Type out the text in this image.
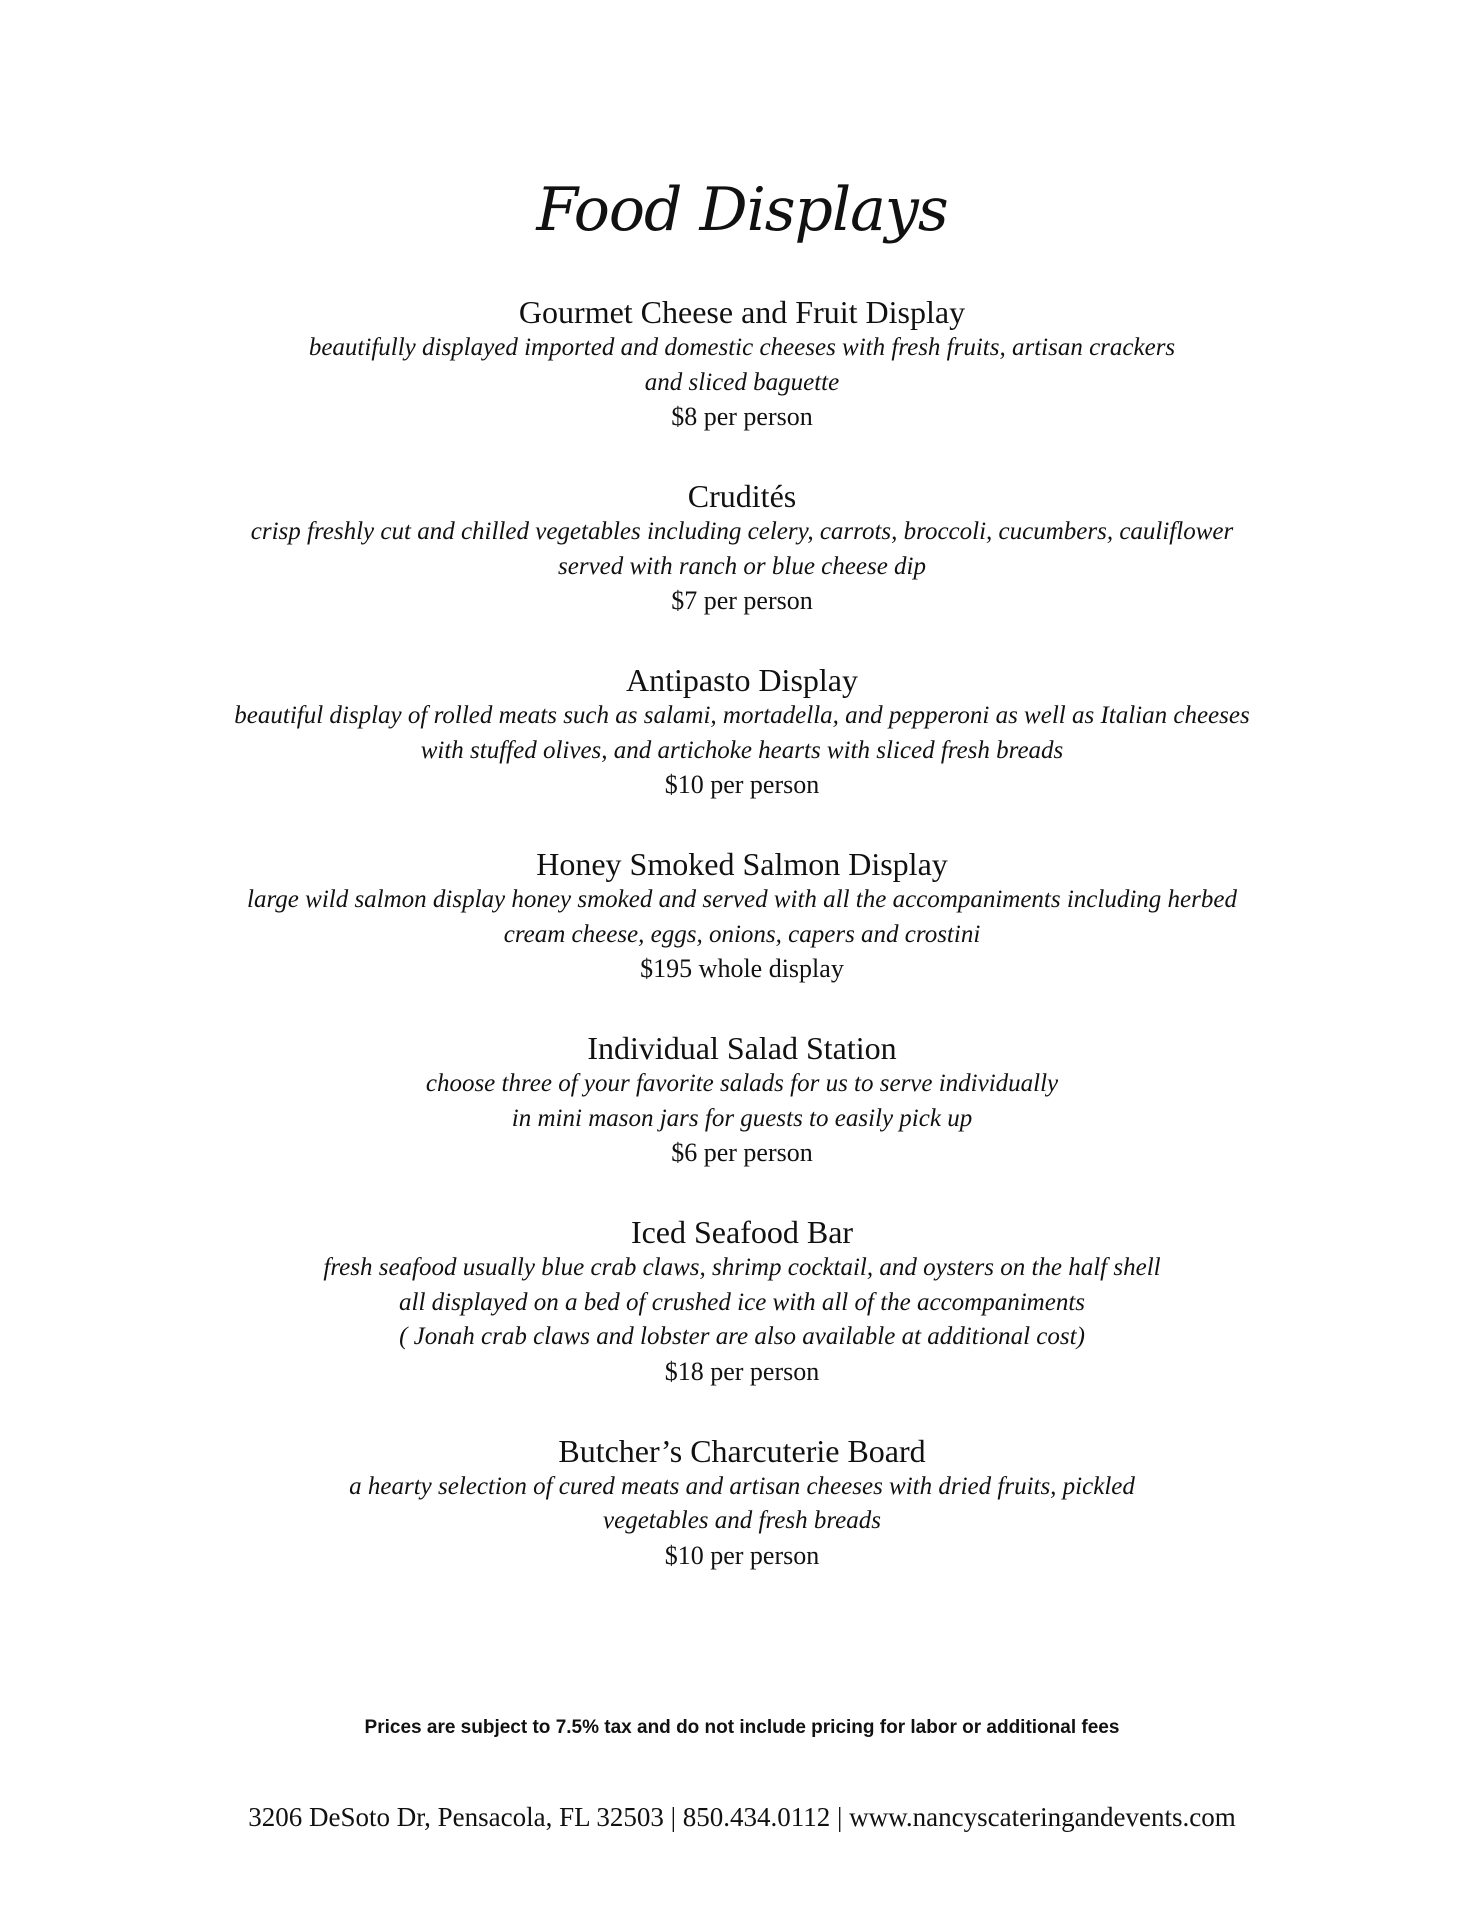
Food Displays

Gourmet Cheese and Fruit Display

beautifully displayed imported and domestic cheeses with fresh fruits, artisan crackers
and sliced baguette

$8 per person

Crudités

crisp freshly cut and chilled vegetables including celery, carrots, broccoli, cucumbers, cauliflower
served with ranch or blue cheese dip

$7 per person

Antipasto Display

beautiful display of rolled meats such as salami, mortadella, and pepperoni as well as Italian cheeses
with stuffed olives, and artichoke hearts with sliced fresh breads

$10 per person

Honey Smoked Salmon Display

large wild salmon display honey smoked and served with all the accompaniments including herbed
cream cheese, eggs, onions, capers and crostini

$195 whole display

Individual Salad Station

choose three of your favorite salads for us to serve individually
in mini mason jars for guests to easily pick up

$6 per person

Iced Seafood Bar

fresh seafood usually blue crab claws, shrimp cocktail, and oysters on the half shell
all displayed on a bed of crushed ice with all of the accompaniments
( Jonah crab claws and lobster are also available at additional cost)

$18 per person

Butcher’s Charcuterie Board

a hearty selection of cured meats and artisan cheeses with dried fruits, pickled
vegetables and fresh breads

$10 per person

Prices are subject to 7.5% tax and do not include pricing for labor or additional fees
3206 DeSoto Dr, Pensacola, FL 32503 | 850.434.0112 | www.nancyscateringandevents.com
